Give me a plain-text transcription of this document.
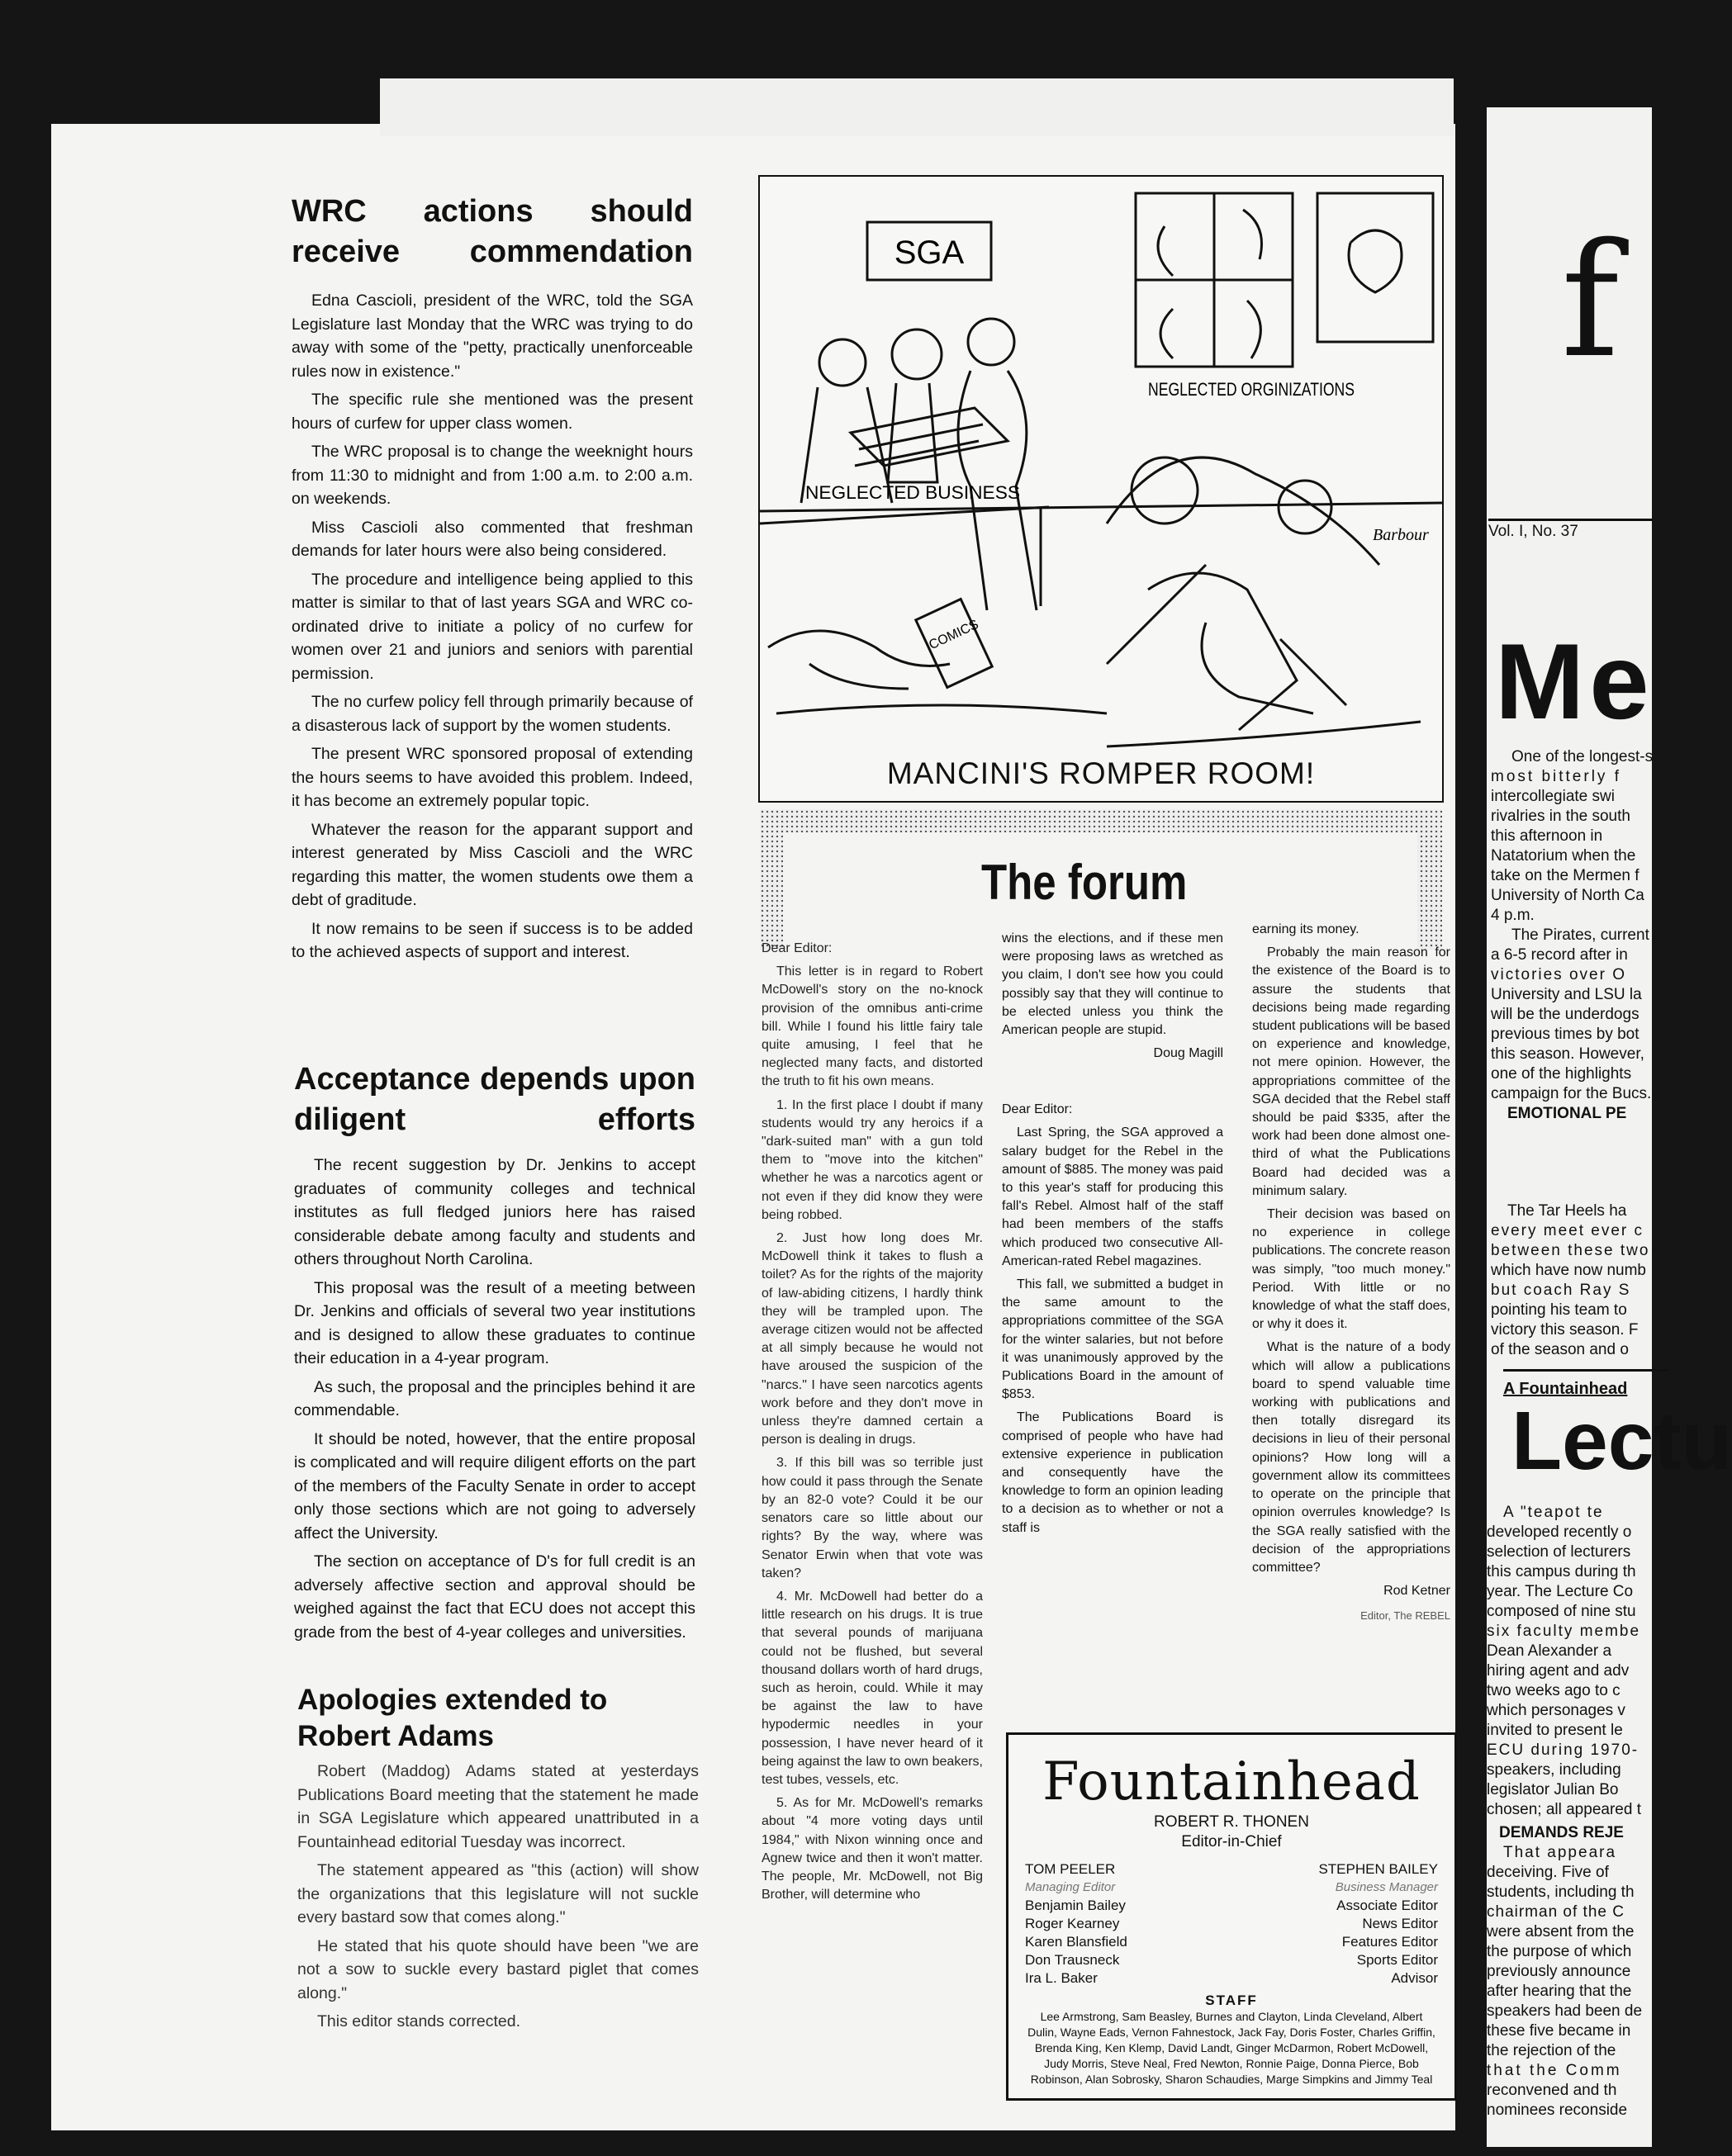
WRC actions should receive commendation

Edna Cascioli, president of the WRC, told the SGA Legislature last Monday that the WRC was trying to do away with some of the "petty, practically unenforceable rules now in existence."

The specific rule she mentioned was the present hours of curfew for upper class women.

The WRC proposal is to change the weeknight hours from 11:30 to midnight and from 1:00 a.m. to 2:00 a.m. on weekends.

Miss Cascioli also commented that freshman demands for later hours were also being considered.

The procedure and intelligence being applied to this matter is similar to that of last years SGA and WRC co-ordinated drive to initiate a policy of no curfew for women over 21 and juniors and seniors with parential permission.

The no curfew policy fell through primarily because of a disasterous lack of support by the women students.

The present WRC sponsored proposal of extending the hours seems to have avoided this problem. Indeed, it has become an extremely popular topic.

Whatever the reason for the apparant support and interest generated by Miss Cascioli and the WRC regarding this matter, the women students owe them a debt of graditude.

It now remains to be seen if success is to be added to the achieved aspects of support and interest.

Acceptance depends upon diligent efforts

The recent suggestion by Dr. Jenkins to accept graduates of community colleges and technical institutes as full fledged juniors here has raised considerable debate among faculty and students and others throughout North Carolina.

This proposal was the result of a meeting between Dr. Jenkins and officials of several two year institutions and is designed to allow these graduates to continue their education in a 4-year program.

As such, the proposal and the principles behind it are commendable.

It should be noted, however, that the entire proposal is complicated and will require diligent efforts on the part of the members of the Faculty Senate in order to accept only those sections which are not going to adversely affect the University.

The section on acceptance of D's for full credit is an adversely affective section and approval should be weighed against the fact that ECU does not accept this grade from the best of 4-year colleges and universities.

Apologies extended to Robert Adams

Robert (Maddog) Adams stated at yesterdays Publications Board meeting that the statement he made in SGA Legislature which appeared unattributed in a Fountainhead editorial Tuesday was incorrect.

The statement appeared as "this (action) will show the organizations that this legislature will not suckle every bastard sow that comes along."

He stated that his quote should have been "we are not a sow to suckle every bastard piglet that comes along."

This editor stands corrected.

SGA
NEGLECTED ORGINIZATIONS
NEGLECTED BUSINESS
COMICS
Barbour
MANCINI'S ROMPER ROOM!
The forum

Dear Editor:

This letter is in regard to Robert McDowell's story on the no-knock provision of the omnibus anti-crime bill. While I found his little fairy tale quite amusing, I feel that he neglected many facts, and distorted the truth to fit his own means.

1. In the first place I doubt if many students would try any heroics if a "dark-suited man" with a gun told them to "move into the kitchen" whether he was a narcotics agent or not even if they did know they were being robbed.

2. Just how long does Mr. McDowell think it takes to flush a toilet? As for the rights of the majority of law-abiding citizens, I hardly think they will be trampled upon. The average citizen would not be affected at all simply because he would not have aroused the suspicion of the "narcs." I have seen narcotics agents work before and they don't move in unless they're damned certain a person is dealing in drugs.

3. If this bill was so terrible just how could it pass through the Senate by an 82-0 vote? Could it be our senators care so little about our rights? By the way, where was Senator Erwin when that vote was taken?

4. Mr. McDowell had better do a little research on his drugs. It is true that several pounds of marijuana could not be flushed, but several thousand dollars worth of hard drugs, such as heroin, could. While it may be against the law to have hypodermic needles in your possession, I have never heard of it being against the law to own beakers, test tubes, vessels, etc.

5. As for Mr. McDowell's remarks about "4 more voting days until 1984," with Nixon winning once and Agnew twice and then it won't matter. The people, Mr. McDowell, not Big Brother, will determine who

wins the elections, and if these men were proposing laws as wretched as you claim, I don't see how you could possibly say that they will continue to be elected unless you think the American people are stupid.

Doug Magill

Dear Editor:

Last Spring, the SGA approved a salary budget for the Rebel in the amount of $885. The money was paid to this year's staff for producing this fall's Rebel. Almost half of the staff had been members of the staffs which produced two consecutive All-American-rated Rebel magazines.

This fall, we submitted a budget in the same amount to the appropriations committee of the SGA for the winter salaries, but not before it was unanimously approved by the Publications Board in the amount of $853.

The Publications Board is comprised of people who have had extensive experience in publication and consequently have the knowledge to form an opinion leading to a decision as to whether or not a staff is

earning its money.

Probably the main reason for the existence of the Board is to assure the students that decisions being made regarding student publications will be based on experience and knowledge, not mere opinion. However, the appropriations committee of the SGA decided that the Rebel staff should be paid $335, after the work had been done almost one-third of what the Publications Board had decided was a minimum salary.

Their decision was based on no experience in college publications. The concrete reason was simply, "too much money." Period. With little or no knowledge of what the staff does, or why it does it.

What is the nature of a body which will allow a publications board to spend valuable time working with publications and then totally disregard its decisions in lieu of their personal opinions? How long will a government allow its committees to operate on the principle that opinion overrules knowledge? Is the SGA really satisfied with the decision of the appropriations committee?

Rod Ketner
Editor, The REBEL
Fountainhead
ROBERT R. THONEN
Editor-in-Chief
TOM PEELER	STEPHEN BAILEY
Managing Editor	Business Manager
Benjamin Bailey	Associate Editor
Roger Kearney	News Editor
Karen Blansfield	Features Editor
Don Trausneck	Sports Editor
Ira L. Baker	Advisor
STAFF
Lee Armstrong, Sam Beasley, Burnes and Clayton, Linda Cleveland, Albert Dulin, Wayne Eads, Vernon Fahnestock, Jack Fay, Doris Foster, Charles Griffin, Brenda King, Ken Klemp, David Landt, Ginger McDarmon, Robert McDowell, Judy Morris, Steve Neal, Fred Newton, Ronnie Paige, Donna Pierce, Bob Robinson, Alan Sobrosky, Sharon Schaudies, Marge Simpkins and Jimmy Teal
f
Vol. I, No. 37
Me

One of the longest-s

most bitterly f

intercollegiate swi

rivalries in the south

this afternoon in

Natatorium when the

take on the Mermen f

University of North Ca

4 p.m.

The Pirates, current

a 6-5 record after in

victories over O

University and LSU la

will be the underdogs

previous times by bot

this season. However,

one of the highlights

campaign for the Bucs.

EMOTIONAL PE

The Tar Heels ha

every meet ever c

between these two

which have now numb

but coach Ray S

pointing his team to

victory this season. F

of the season and o

A Fountainhead
Lectu

A "teapot te

developed recently o

selection of lecturers

this campus during th

year. The Lecture Co

composed of nine stu

six faculty membe

Dean Alexander a

hiring agent and adv

two weeks ago to c

which personages v

invited to present le

ECU during 1970-

speakers, including

legislator Julian Bo

chosen; all appeared t

DEMANDS REJE

That appeara

deceiving. Five of

students, including th

chairman of the C

were absent from the

the purpose of which

previously announce

after hearing that the

speakers had been de

these five became in

the rejection of the

that the Comm

reconvened and th

nominees reconside
